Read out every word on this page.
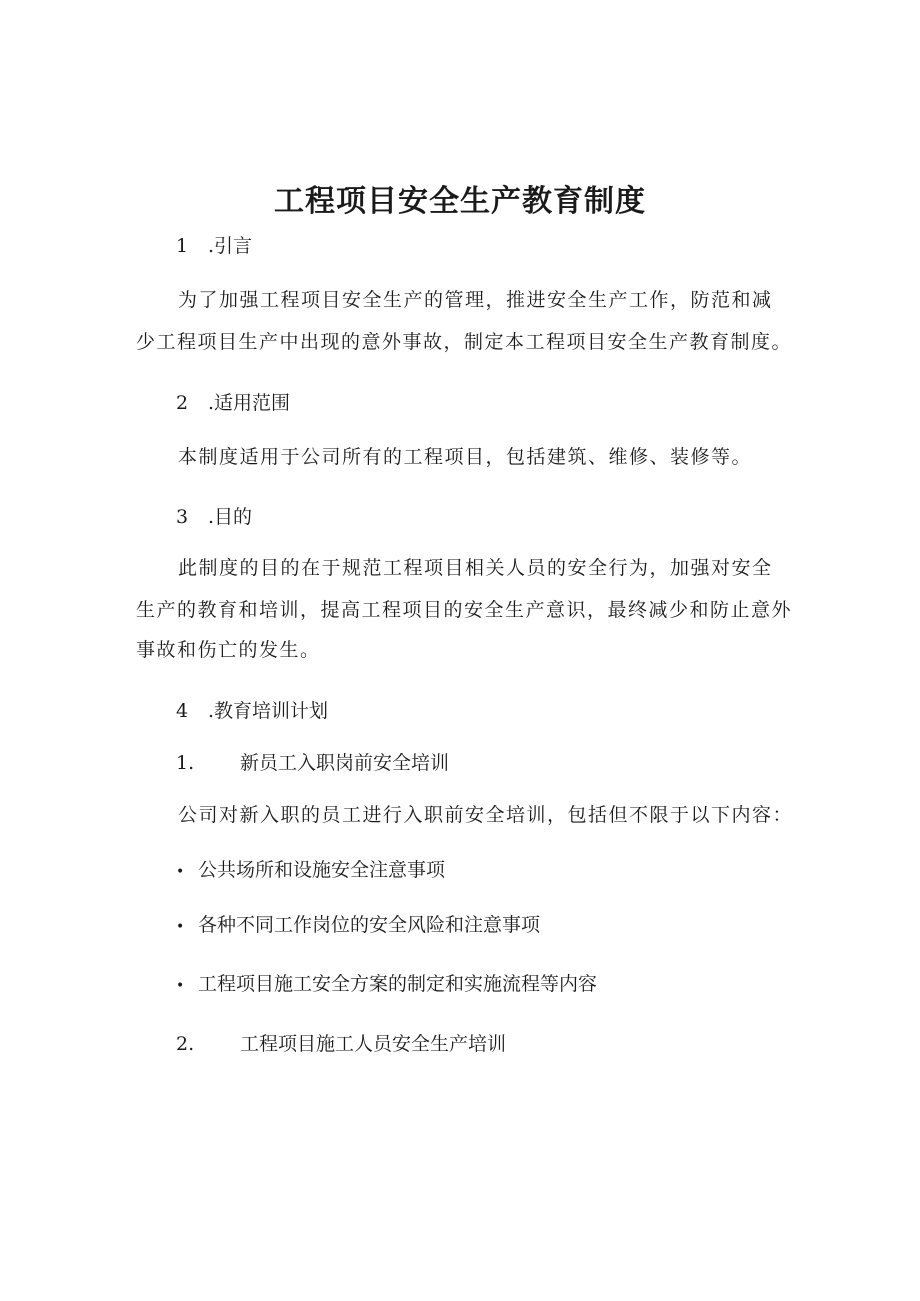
工程项目安全生产教育制度
1 .引言
为了加强工程项目安全生产的管理，推进安全生产工作，防范和减
少工程项目生产中出现的意外事故，制定本工程项目安全生产教育制度。
2 .适用范围
本制度适用于公司所有的工程项目，包括建筑、维修、装修等。
3 .目的
此制度的目的在于规范工程项目相关人员的安全行为，加强对安全
生产的教育和培训，提高工程项目的安全生产意识，最终减少和防止意外
事故和伤亡的发生。
4 .教育培训计划
1. 新员工入职岗前安全培训
公司对新入职的员工进行入职前安全培训，包括但不限于以下内容：
• 公共场所和设施安全注意事项
• 各种不同工作岗位的安全风险和注意事项
• 工程项目施工安全方案的制定和实施流程等内容
2. 工程项目施工人员安全生产培训
